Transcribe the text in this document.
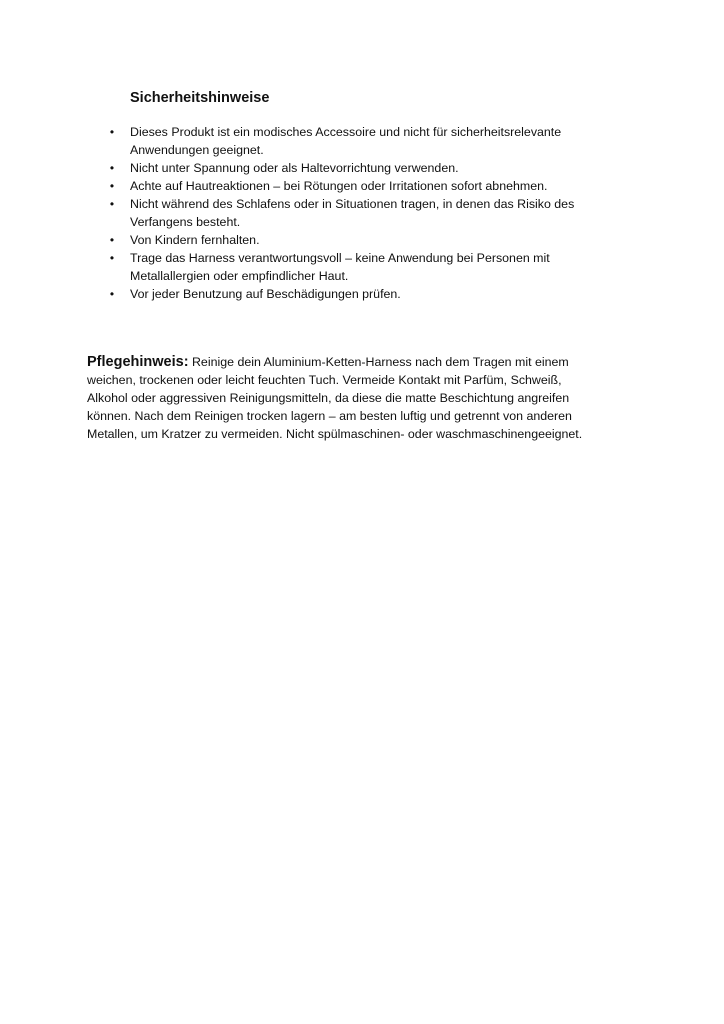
Sicherheitshinweise
• Dieses Produkt ist ein modisches Accessoire und nicht für sicherheitsrelevante
Anwendungen geeignet.
• Nicht unter Spannung oder als Haltevorrichtung verwenden.
• Achte auf Hautreaktionen – bei Rötungen oder Irritationen sofort abnehmen.
• Nicht während des Schlafens oder in Situationen tragen, in denen das Risiko des
Verfangens besteht.
• Von Kindern fernhalten.
• Trage das Harness verantwortungsvoll – keine Anwendung bei Personen mit
Metallallergien oder empfindlicher Haut.
• Vor jeder Benutzung auf Beschädigungen prüfen.

Pflegehinweis: Reinige dein Aluminium-Ketten-Harness nach dem Tragen mit einem
weichen, trockenen oder leicht feuchten Tuch. Vermeide Kontakt mit Parfüm, Schweiß,
Alkohol oder aggressiven Reinigungsmitteln, da diese die matte Beschichtung angreifen
können. Nach dem Reinigen trocken lagern – am besten luftig und getrennt von anderen
Metallen, um Kratzer zu vermeiden. Nicht spülmaschinen- oder waschmaschinengeeignet.
